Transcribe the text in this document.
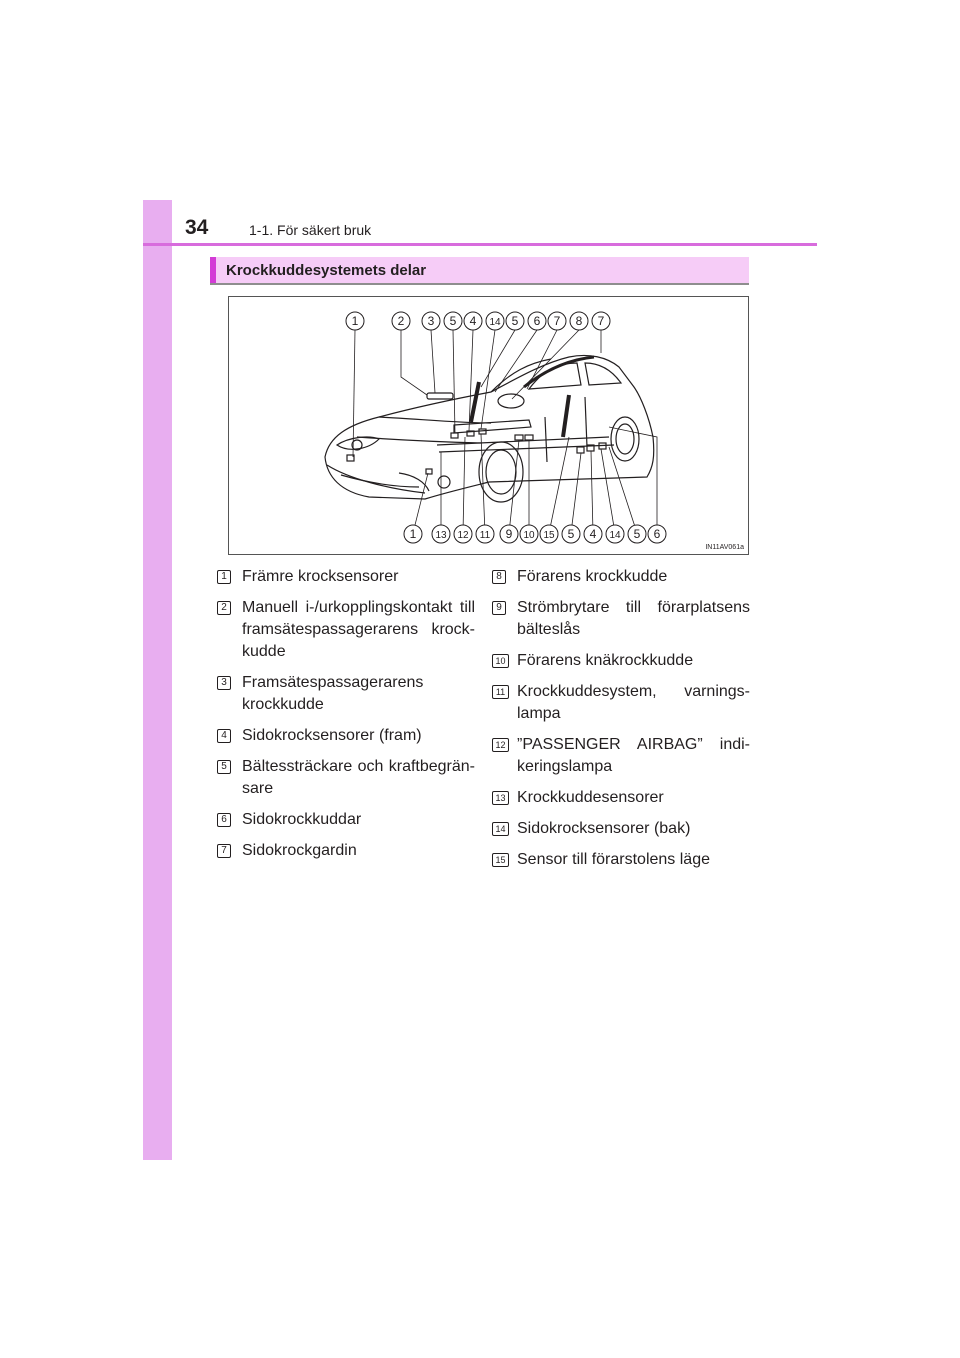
34	1-1. För säkert bruk
Krockkuddesystemets delar
1	2 3 5 4 14 5 6 7 8 7
1 13 12 11 9 10 15 5 4 14 5 6
IN11AV061a
1 Främre krocksensorer
2 Manuell i-/urkopplingskontakt till framsätespassagerarens krock-kudde
3 Framsätespassagerarens krockkudde
4 Sidokrocksensorer (fram)
5 Bältessträckare och kraftbegrän-sare
6 Sidokrockkuddar
7 Sidokrockgardin
8 Förarens krockkudde
9 Strömbrytare till förarplatsens bälteslås
10 Förarens knäkrockkudde
11 Krockkuddesystem, varnings-lampa
12 ”PASSENGER AIRBAG” indi-keringslampa
13 Krockkuddesensorer
14 Sidokrocksensorer (bak)
15 Sensor till förarstolens läge
